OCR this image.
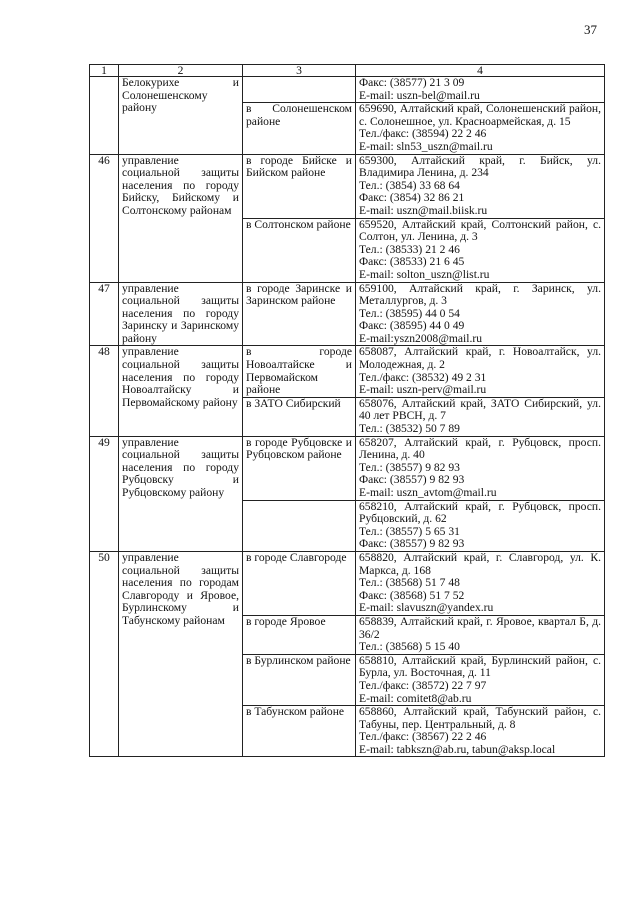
37
1	2	3	4
	Белокурихе и Солонешенскому району		Факс: (38577) 21 3 09
E-mail: uszn-bel@mail.ru

		в Солонешенском районе	659690, Алтайский край, Солонешенский район, с. Солонешное, ул. Красноармейская, д. 15
Тел./факс: (38594) 22 2 46
E-mail: sln53_uszn@mail.ru

46	управление социальной защиты населения по городу Бийску, Бийскому и Солтонскому районам	в городе Бийске и Бийском районе	659300, Алтайский край, г. Бийск, ул. Владимира Ленина, д. 234
Тел.: (3854) 33 68 64
Факс: (3854) 32 86 21
E-mail: uszn@mail.biisk.ru

		в Солтонском районе	659520, Алтайский край, Солтонский район, с. Солтон, ул. Ленина, д. 3
Тел.: (38533) 21 2 46
Факс: (38533) 21 6 45
E-mail: solton_uszn@list.ru

47	управление социальной защиты населения по городу Заринску и Заринскому району	в городе Заринске и Заринском районе	659100, Алтайский край, г. Заринск, ул. Металлургов, д. 3
Тел.: (38595) 44 0 54
Факс: (38595) 44 0 49
E-mail:yszn2008@mail.ru

48	управление социальной защиты населения по городу Новоалтайску и Первомайскому району	в городе Новоалтайске и Первомайском районе	658087, Алтайский край, г. Новоалтайск, ул. Молодежная, д. 2
Тел./факс: (38532) 49 2 31
E-mail: uszn-perv@mail.ru

		в ЗАТО Сибирский	658076, Алтайский край, ЗАТО Сибирский, ул. 40 лет РВСН, д. 7
Тел.: (38532) 50 7 89

49	управление социальной защиты населения по городу Рубцовску и Рубцовскому району	в городе Рубцовске и Рубцовском районе	658207, Алтайский край, г. Рубцовск, просп. Ленина, д. 40
Тел.: (38557) 9 82 93
Факс: (38557) 9 82 93
E-mail: uszn_avtom@mail.ru

			658210, Алтайский край, г. Рубцовск, просп. Рубцовский, д. 62
Тел.: (38557) 5 65 31
Факс: (38557) 9 82 93

50	управление социальной защиты населения по городам Славгороду и Яровое, Бурлинскому и Табунскому районам	в городе Славгороде	658820, Алтайский край, г. Славгород, ул. К. Маркса, д. 168
Тел.: (38568) 51 7 48
Факс: (38568) 51 7 52
E-mail: slavuszn@yandex.ru

		в городе Яровое	658839, Алтайский край, г. Яровое, квартал Б, д. 36/2
Тел.: (38568) 5 15 40

		в Бурлинском районе	658810, Алтайский край, Бурлинский район, с. Бурла, ул. Восточная, д. 11
Тел./факс: (38572) 22 7 97
E-mail: comitet8@ab.ru

		в Табунском районе	658860, Алтайский край, Табунский район, с. Табуны, пер. Центральный, д. 8
Тел./факс: (38567) 22 2 46
E-mail: tabkszn@ab.ru, tabun@aksp.local
